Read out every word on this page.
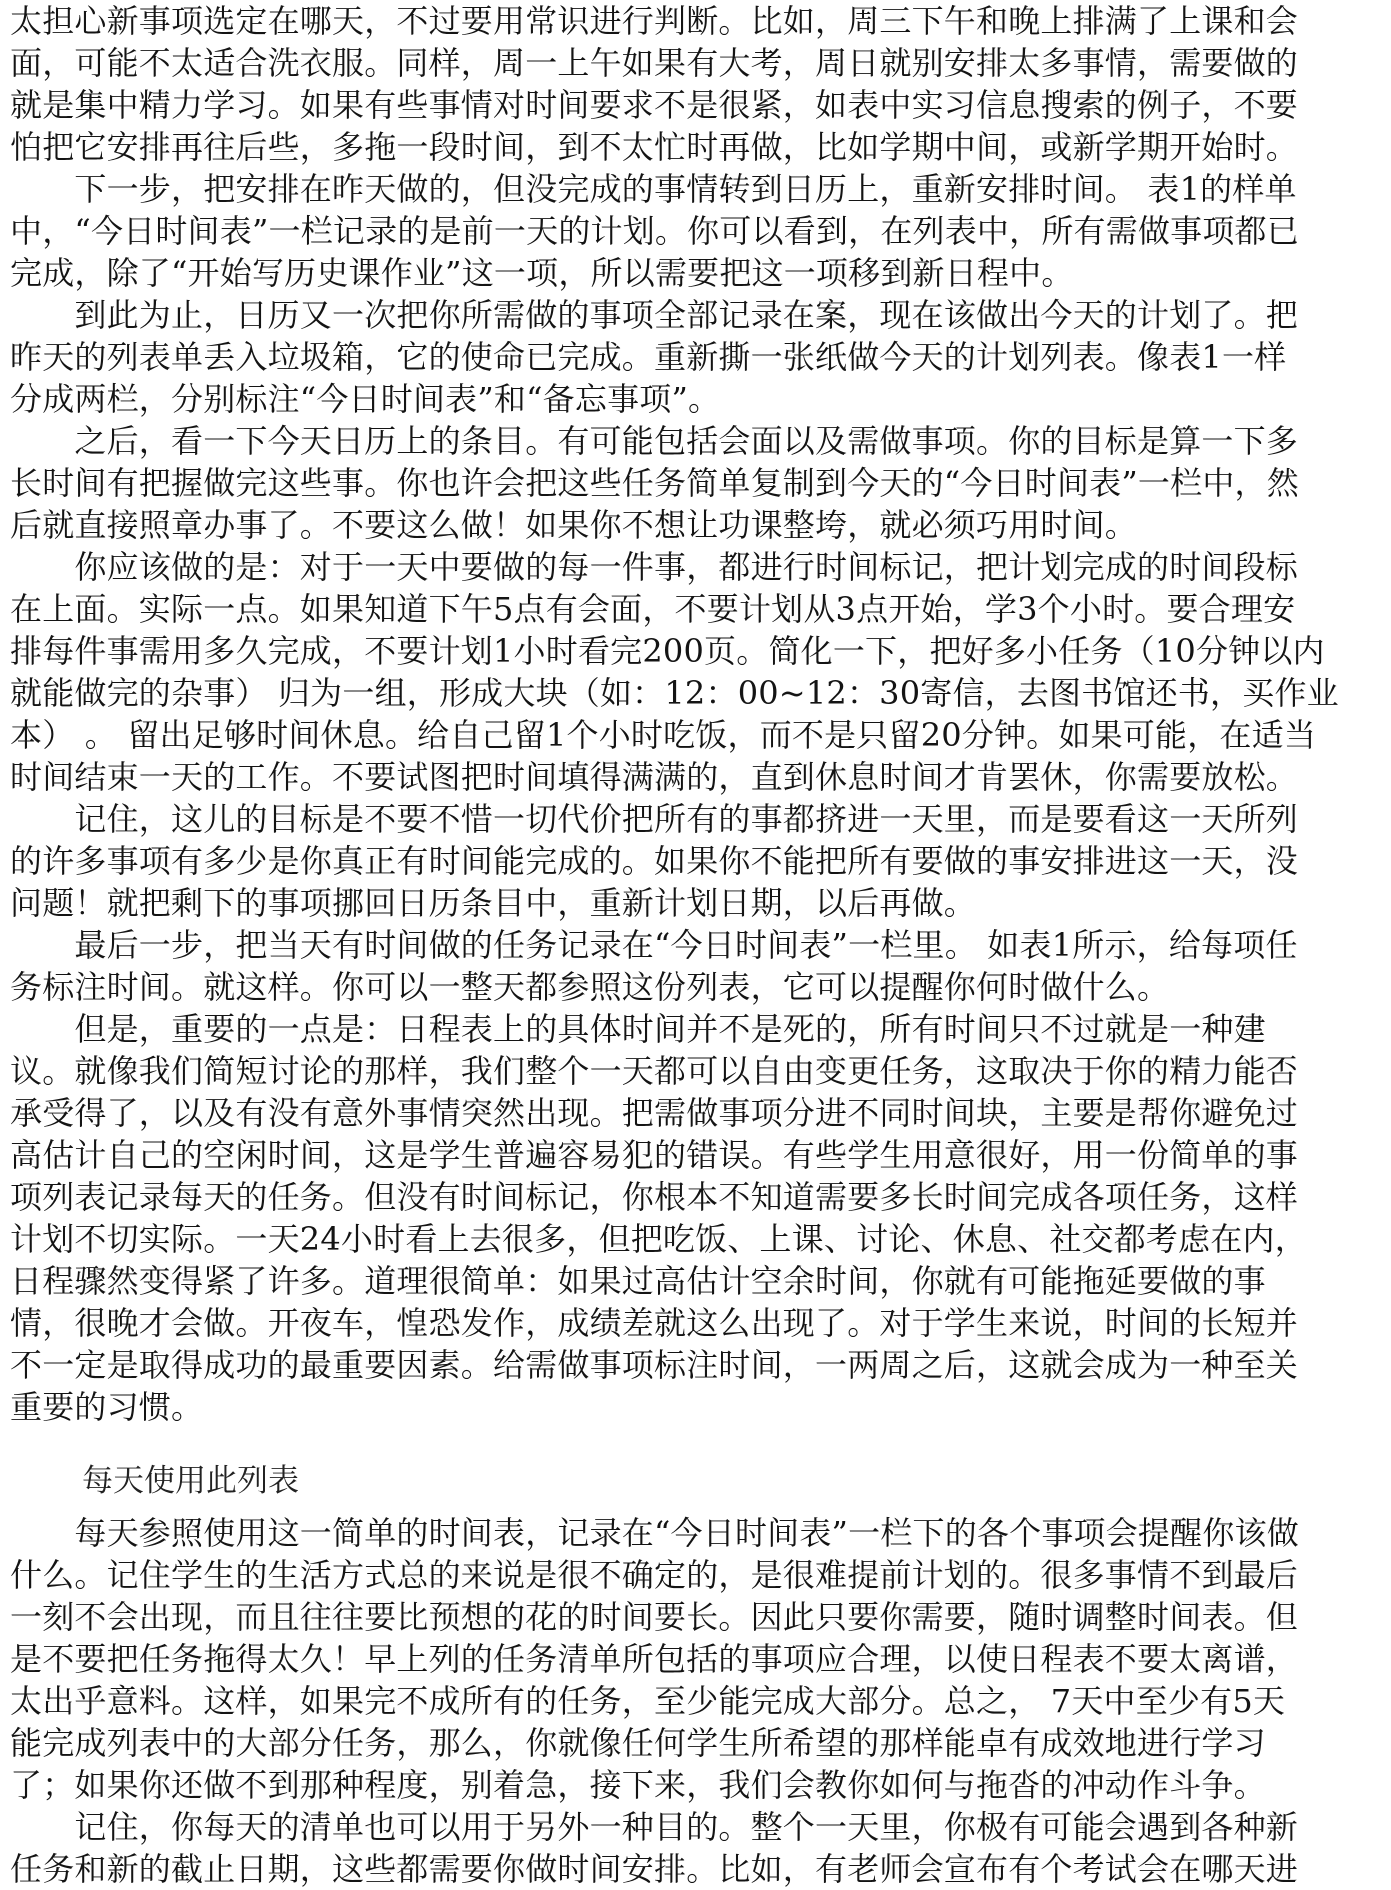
太担心新事项选定在哪天，不过要用常识进行判断。比如，周三下午和晚上排满了上课和会
面，可能不太适合洗衣服。同样，周一上午如果有大考，周日就别安排太多事情，需要做的
就是集中精力学习。如果有些事情对时间要求不是很紧，如表中实习信息搜索的例子，不要
怕把它安排再往后些，多拖一段时间，到不太忙时再做，比如学期中间，或新学期开始时。
　　下一步，把安排在昨天做的，但没完成的事情转到日历上，重新安排时间。 表1的样单
中，“今日时间表”一栏记录的是前一天的计划。你可以看到，在列表中，所有需做事项都已
完成，除了“开始写历史课作业”这一项，所以需要把这一项移到新日程中。
　　到此为止，日历又一次把你所需做的事项全部记录在案，现在该做出今天的计划了。把
昨天的列表单丢入垃圾箱，它的使命已完成。重新撕一张纸做今天的计划列表。像表1一样
分成两栏，分别标注“今日时间表”和“备忘事项”。
　　之后，看一下今天日历上的条目。有可能包括会面以及需做事项。你的目标是算一下多
长时间有把握做完这些事。你也许会把这些任务简单复制到今天的“今日时间表”一栏中，然
后就直接照章办事了。不要这么做！如果你不想让功课整垮，就必须巧用时间。
　　你应该做的是：对于一天中要做的每一件事，都进行时间标记，把计划完成的时间段标
在上面。实际一点。如果知道下午5点有会面，不要计划从3点开始，学3个小时。要合理安
排每件事需用多久完成，不要计划1小时看完200页。简化一下，把好多小任务（10分钟以内
就能做完的杂事） 归为一组，形成大块（如：12：00~12：30寄信，去图书馆还书，买作业
本） 。 留出足够时间休息。给自己留1个小时吃饭，而不是只留20分钟。如果可能，在适当
时间结束一天的工作。不要试图把时间填得满满的，直到休息时间才肯罢休，你需要放松。
　　记住，这儿的目标是不要不惜一切代价把所有的事都挤进一天里，而是要看这一天所列
的许多事项有多少是你真正有时间能完成的。如果你不能把所有要做的事安排进这一天，没
问题！就把剩下的事项挪回日历条目中，重新计划日期，以后再做。
　　最后一步，把当天有时间做的任务记录在“今日时间表”一栏里。 如表1所示，给每项任
务标注时间。就这样。你可以一整天都参照这份列表，它可以提醒你何时做什么。
　　但是，重要的一点是：日程表上的具体时间并不是死的，所有时间只不过就是一种建
议。就像我们简短讨论的那样，我们整个一天都可以自由变更任务，这取决于你的精力能否
承受得了，以及有没有意外事情突然出现。把需做事项分进不同时间块，主要是帮你避免过
高估计自己的空闲时间，这是学生普遍容易犯的错误。有些学生用意很好，用一份简单的事
项列表记录每天的任务。但没有时间标记，你根本不知道需要多长时间完成各项任务，这样
计划不切实际。一天24小时看上去很多，但把吃饭、上课、讨论、休息、社交都考虑在内，
日程骤然变得紧了许多。道理很简单：如果过高估计空余时间，你就有可能拖延要做的事
情，很晚才会做。开夜车，惶恐发作，成绩差就这么出现了。对于学生来说，时间的长短并
不一定是取得成功的最重要因素。给需做事项标注时间，一两周之后，这就会成为一种至关
重要的习惯。
每天使用此列表
　　每天参照使用这一简单的时间表，记录在“今日时间表”一栏下的各个事项会提醒你该做
什么。记住学生的生活方式总的来说是很不确定的，是很难提前计划的。很多事情不到最后
一刻不会出现，而且往往要比预想的花的时间要长。因此只要你需要，随时调整时间表。但
是不要把任务拖得太久！早上列的任务清单所包括的事项应合理，以使日程表不要太离谱，
太出乎意料。这样，如果完不成所有的任务，至少能完成大部分。总之， 7天中至少有5天
能完成列表中的大部分任务，那么，你就像任何学生所希望的那样能卓有成效地进行学习
了；如果你还做不到那种程度，别着急，接下来，我们会教你如何与拖沓的冲动作斗争。
　　记住，你每天的清单也可以用于另外一种目的。整个一天里，你极有可能会遇到各种新
任务和新的截止日期，这些都需要你做时间安排。比如，有老师会宣布有个考试会在哪天进
